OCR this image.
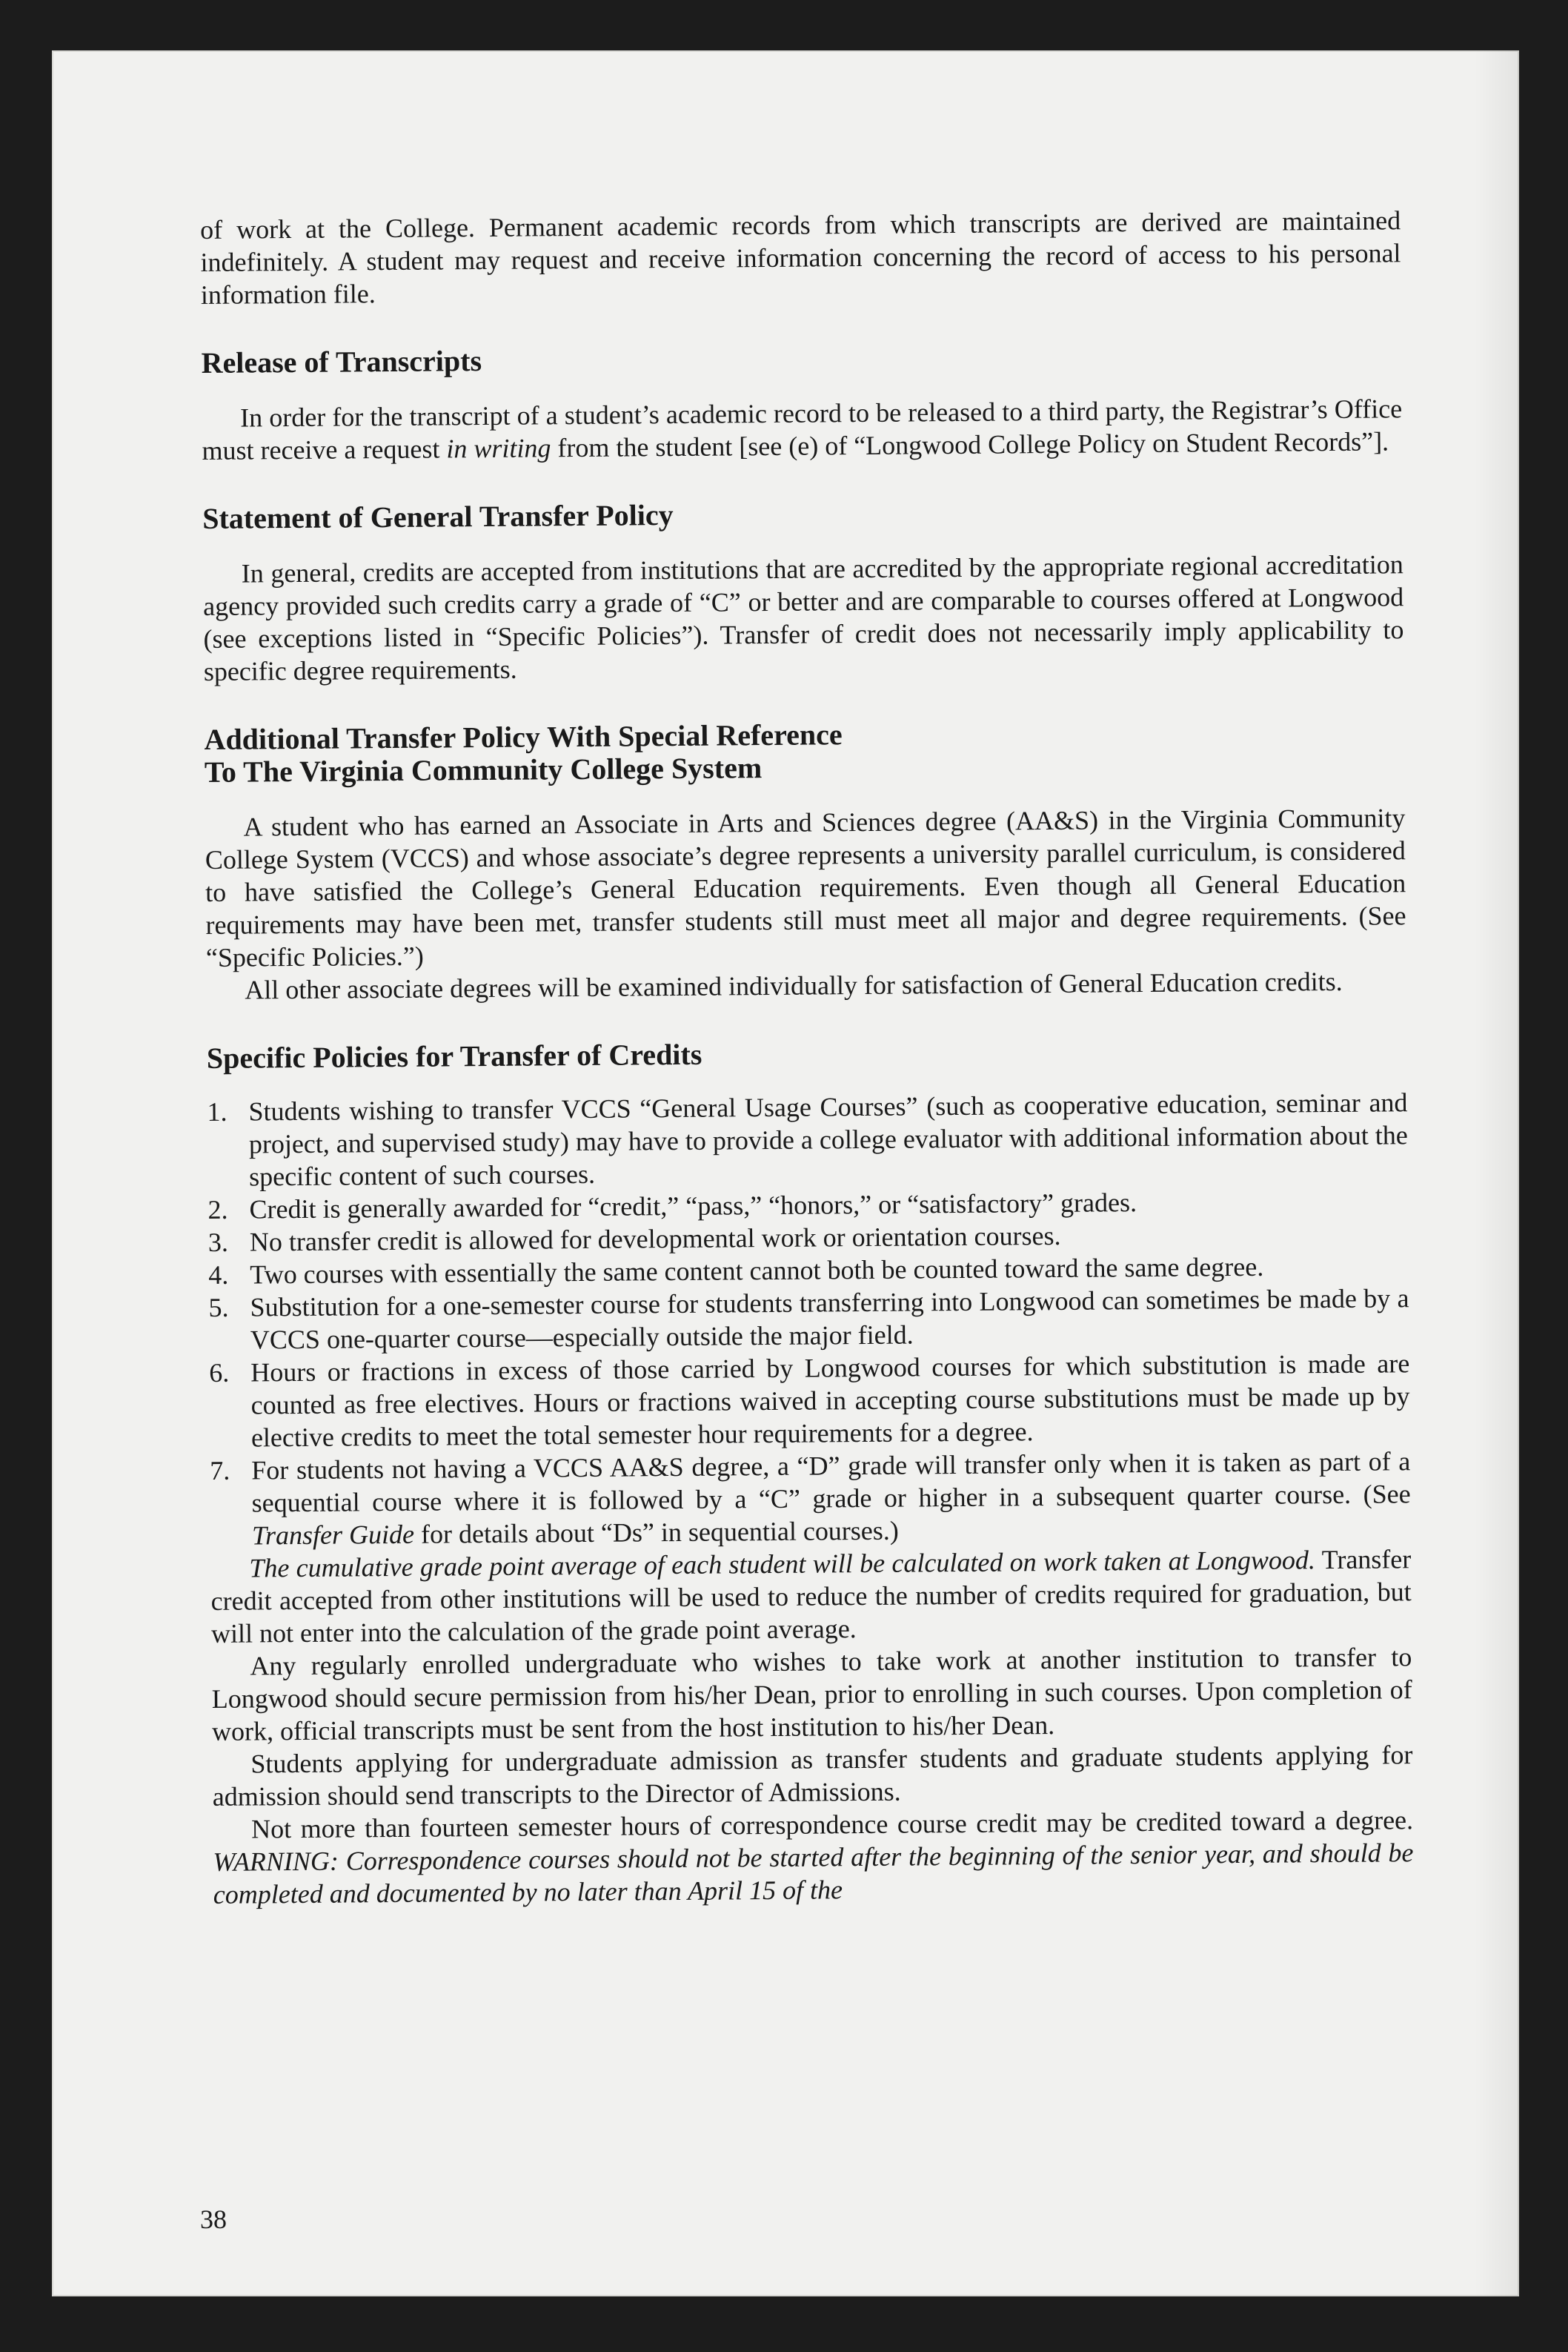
of work at the College. Permanent academic records from which transcripts are derived are maintained indefinitely. A student may request and receive information concerning the record of access to his personal information file.

Release of Transcripts

In order for the transcript of a student’s academic record to be released to a third party, the Registrar’s Office must receive a request in writing from the student [see (e) of “Longwood College Policy on Student Records”].

Statement of General Transfer Policy

In general, credits are accepted from institutions that are accredited by the appropriate regional accreditation agency provided such credits carry a grade of “C” or better and are comparable to courses offered at Longwood (see exceptions listed in “Specific Policies”). Transfer of credit does not necessarily imply applicability to specific degree requirements.

Additional Transfer Policy With Special Reference
To The Virginia Community College System

A student who has earned an Associate in Arts and Sciences degree (AA&S) in the Virginia Community College System (VCCS) and whose associate’s degree represents a university parallel curriculum, is considered to have satisfied the College’s General Education requirements. Even though all General Education requirements may have been met, transfer students still must meet all major and degree requirements. (See “Specific Policies.”)

All other associate degrees will be examined individually for satisfaction of General Education credits.

Specific Policies for Transfer of Credits
1. Students wishing to transfer VCCS “General Usage Courses” (such as cooperative education, seminar and project, and supervised study) may have to provide a college evaluator with additional information about the specific content of such courses.
2. Credit is generally awarded for “credit,” “pass,” “honors,” or “satisfactory” grades.
3. No transfer credit is allowed for developmental work or orientation courses.
4. Two courses with essentially the same content cannot both be counted toward the same degree.
5. Substitution for a one-semester course for students transferring into Longwood can sometimes be made by a VCCS one-quarter course—especially outside the major field.
6. Hours or fractions in excess of those carried by Longwood courses for which substitution is made are counted as free electives. Hours or fractions waived in accepting course substitutions must be made up by elective credits to meet the total semester hour requirements for a degree.
7. For students not having a VCCS AA&S degree, a “D” grade will transfer only when it is taken as part of a sequential course where it is followed by a “C” grade or higher in a subsequent quarter course. (See Transfer Guide for details about “Ds” in sequential courses.)

The cumulative grade point average of each student will be calculated on work taken at Longwood. Transfer credit accepted from other institutions will be used to reduce the number of credits required for graduation, but will not enter into the calculation of the grade point average.

Any regularly enrolled undergraduate who wishes to take work at another institution to transfer to Longwood should secure permission from his/her Dean, prior to enrolling in such courses. Upon completion of work, official transcripts must be sent from the host institution to his/her Dean.

Students applying for undergraduate admission as transfer students and graduate students applying for admission should send transcripts to the Director of Admissions.

Not more than fourteen semester hours of correspondence course credit may be credited toward a degree. WARNING: Correspondence courses should not be started after the beginning of the senior year, and should be completed and documented by no later than April 15 of the

38
